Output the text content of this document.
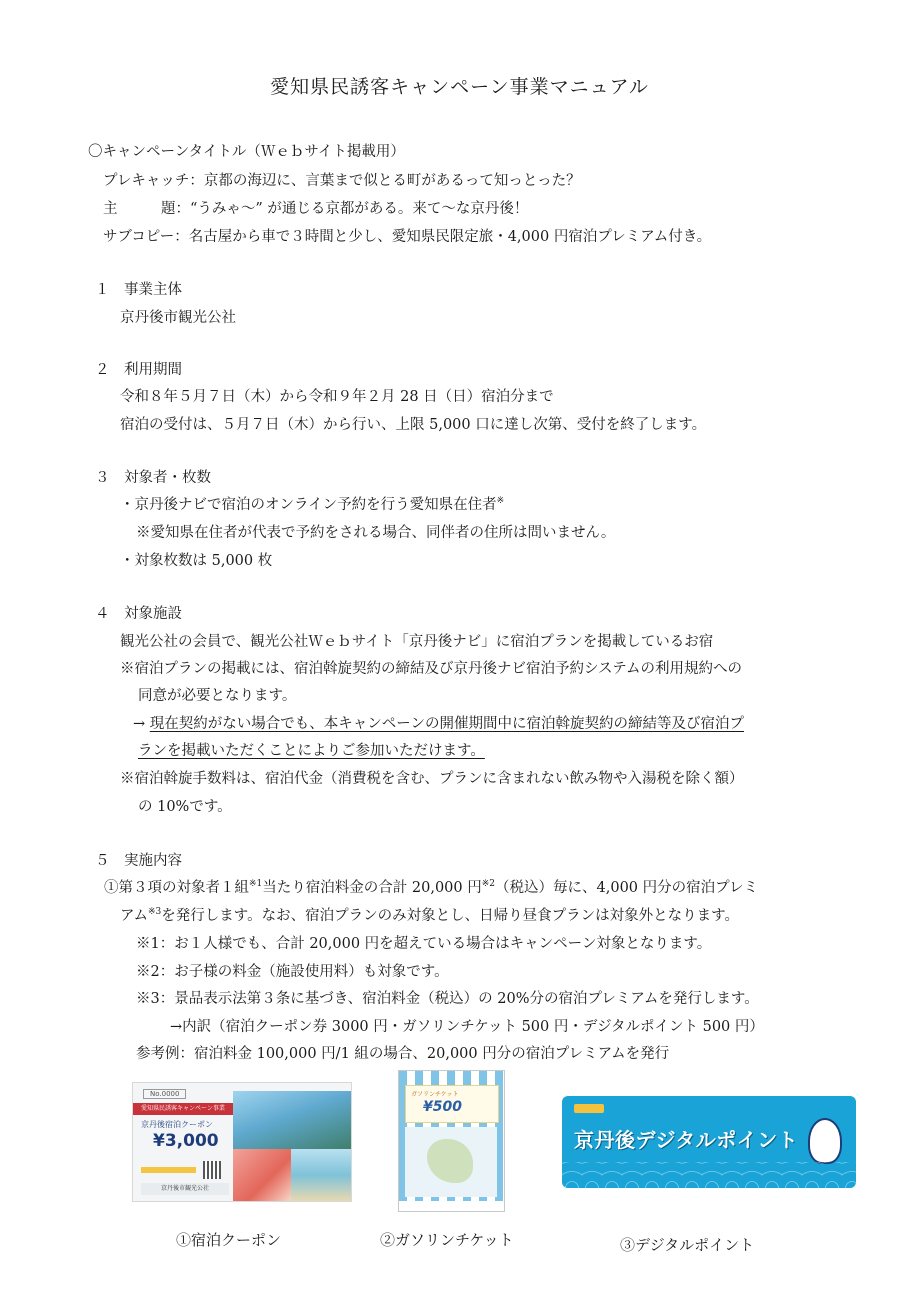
愛知県民誘客キャンペーン事業マニュアル
〇キャンペーンタイトル（Ｗｅｂサイト掲載用）
プレキャッチ：京都の海辺に、言葉まで似とる町があるって知っとった？
主　　　題：“うみゃ～” が通じる京都がある。来て～な京丹後！
サブコピー：名古屋から車で３時間と少し、愛知県民限定旅・4,000 円宿泊プレミアム付き。
１　事業主体
京丹後市観光公社
２　利用期間
令和８年５月７日（木）から令和９年２月 28 日（日）宿泊分まで
宿泊の受付は、５月７日（木）から行い、上限 5,000 口に達し次第、受付を終了します。
３　対象者・枚数
・京丹後ナビで宿泊のオンライン予約を行う愛知県在住者※
※愛知県在住者が代表で予約をされる場合、同伴者の住所は問いません。
・対象枚数は 5,000 枚
４　対象施設
観光公社の会員で、観光公社Ｗｅｂサイト「京丹後ナビ」に宿泊プランを掲載しているお宿
※宿泊プランの掲載には、宿泊斡旋契約の締結及び京丹後ナビ宿泊予約システムの利用規約への
同意が必要となります。
→ 現在契約がない場合でも、本キャンペーンの開催期間中に宿泊斡旋契約の締結等及び宿泊プ
ランを掲載いただくことによりご参加いただけます。
※宿泊斡旋手数料は、宿泊代金（消費税を含む、プランに含まれない飲み物や入湯税を除く額）
の 10%です。
５　実施内容
①第３項の対象者１組$^{※1}$当たり宿泊料金の合計 20,000 円$^{※2}$（税込）毎に、4,000 円分の宿泊プレミ
アム$^{※3}$を発行します。なお、宿泊プランのみ対象とし、日帰り昼食プランは対象外となります。
※1：お１人様でも、合計 20,000 円を超えている場合はキャンペーン対象となります。
※2：お子様の料金（施設使用料）も対象です。
※3：景品表示法第３条に基づき、宿泊料金（税込）の 20%分の宿泊プレミアムを発行します。
→内訳（宿泊クーポン券 3000 円・ガソリンチケット 500 円・デジタルポイント 500 円）
参考例：宿泊料金 100,000 円/1 組の場合、20,000 円分の宿泊プレミアムを発行
No.0000
愛知県民誘客キャンペーン事業
京丹後宿泊クーポン
¥3,000
京丹後市観光公社
ガソリンチケット
¥500
京丹後デジタルポイント
①宿泊クーポン	②ガソリンチケット	③デジタルポイント
